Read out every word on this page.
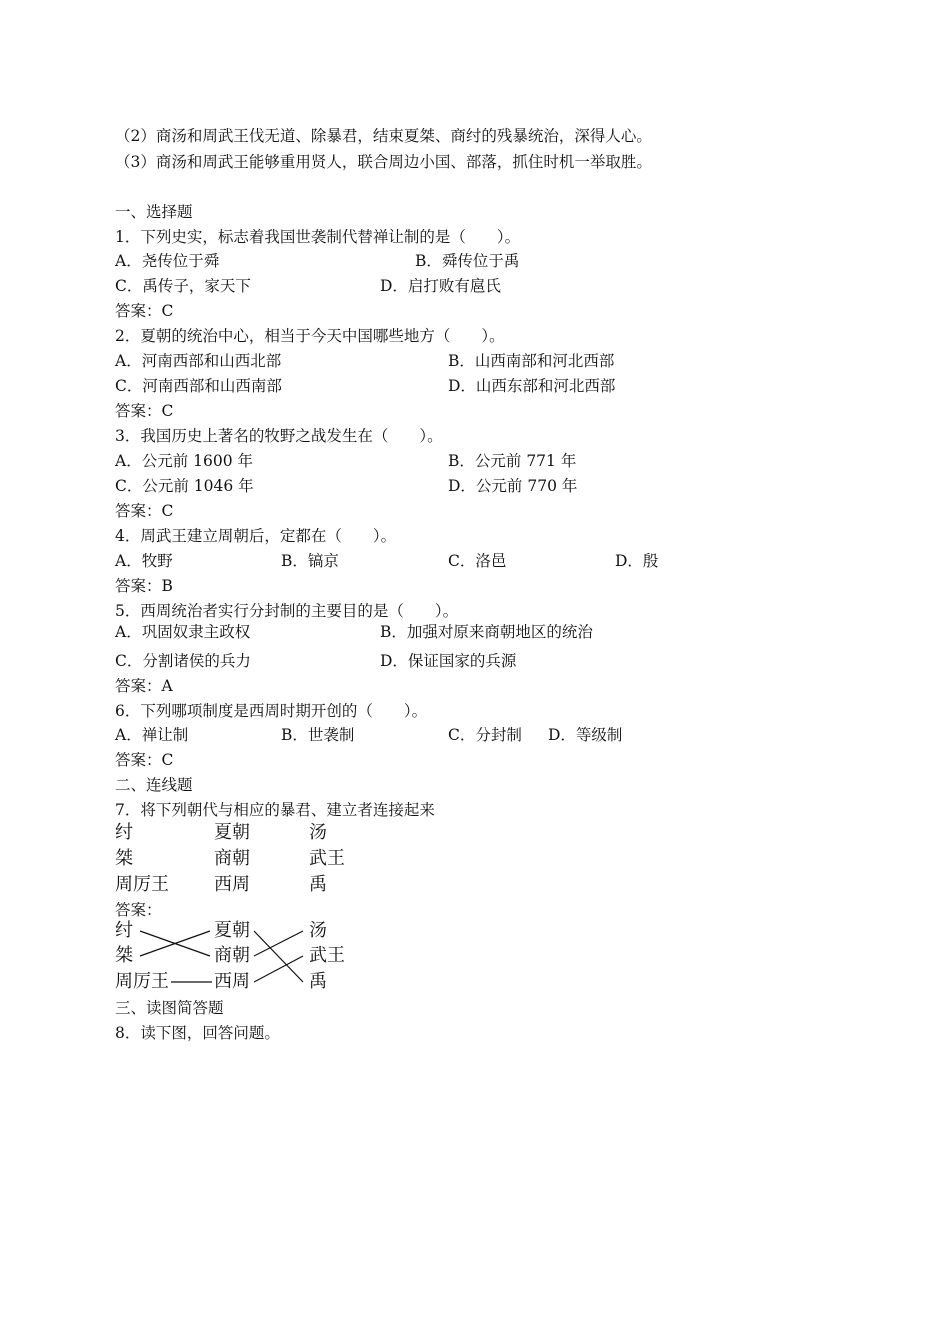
（2）商汤和周武王伐无道、除暴君，结束夏桀、商纣的残暴统治，深得人心。
（3）商汤和周武王能够重用贤人，联合周边小国、部落，抓住时机一举取胜。
一、选择题
1．下列史实，标志着我国世袭制代替禅让制的是（　　）。
A．尧传位于舜	B．舜传位于禹
C．禹传子，家天下	D．启打败有扈氏
答案：C
2．夏朝的统治中心，相当于今天中国哪些地方（　　）。
A．河南西部和山西北部	B．山西南部和河北西部
C．河南西部和山西南部	D．山西东部和河北西部
答案：C
3．我国历史上著名的牧野之战发生在（　　）。
A．公元前 1600 年	B．公元前 771 年
C．公元前 1046 年	D．公元前 770 年
答案：C
4．周武王建立周朝后，定都在（　　）。
A．牧野	B．镐京	C．洛邑	D．殷
答案：B
5．西周统治者实行分封制的主要目的是（　　）。
A．巩固奴隶主政权	B．加强对原来商朝地区的统治
C．分割诸侯的兵力	D．保证国家的兵源
答案：A
6．下列哪项制度是西周时期开创的（　　）。
A．禅让制	B．世袭制	C．分封制 D．等级制
答案：C
二、连线题
7．将下列朝代与相应的暴君、建立者连接起来
纣	夏朝	汤
桀	商朝	武王
周厉王	西周	禹
答案：
纣	夏朝	汤
桀	商朝	武王
周厉王	西周	禹
三、读图简答题
8．读下图，回答问题。
